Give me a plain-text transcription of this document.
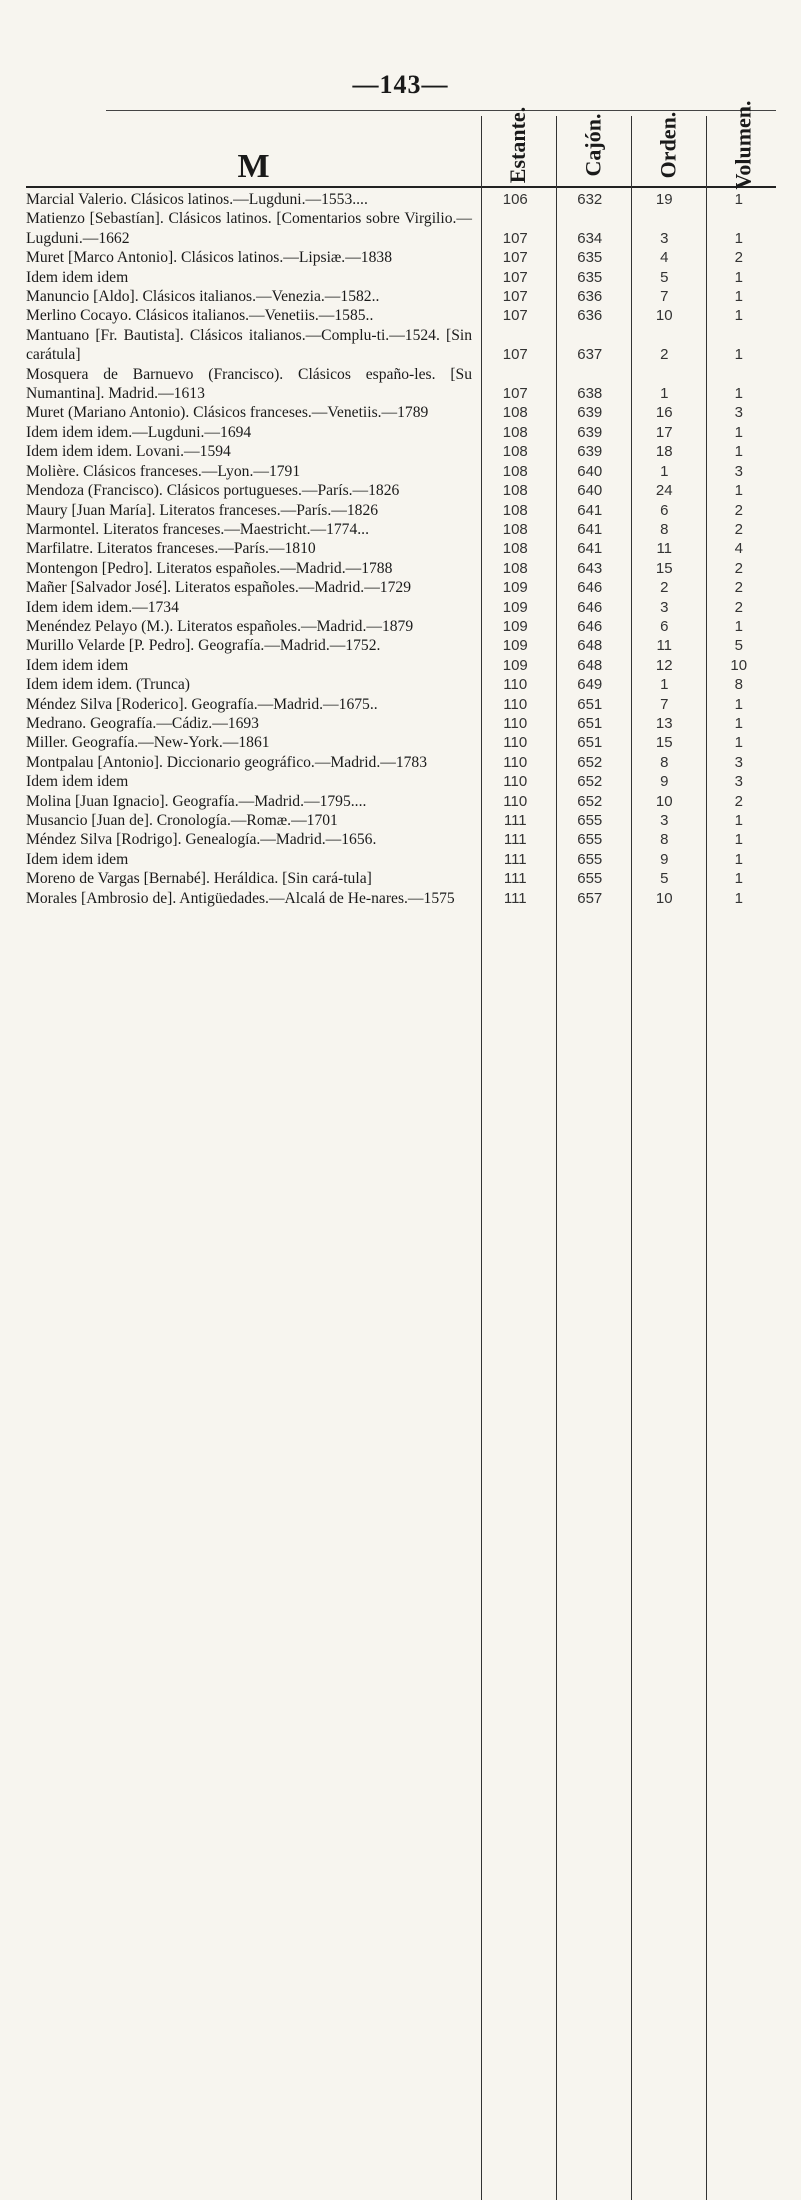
—143—
M	Estante. Cajón. Orden. Volumen.
Marcial Valerio. Clásicos latinos.—Lugduni.—1553....	106	632	19	1
Matienzo [Sebastían]. Clásicos latinos. [Comentarios sobre Virgilio.—Lugduni.—1662	107	634	3	1
Muret [Marco Antonio]. Clásicos latinos.—Lipsiæ.—1838	107	635	4	2
Idem idem idem	107	635	5	1
Manuncio [Aldo]. Clásicos italianos.—Venezia.—1582..	107	636	7	1
Merlino Cocayo. Clásicos italianos.—Venetiis.—1585..	107	636	10	1
Mantuano [Fr. Bautista]. Clásicos italianos.—Complu-ti.—1524. [Sin carátula]	107	637	2	1
Mosquera de Barnuevo (Francisco). Clásicos españo-les. [Su Numantina]. Madrid.—1613	107	638	1	1
Muret (Mariano Antonio). Clásicos franceses.—Venetiis.—1789	108	639	16	3
Idem idem idem.—Lugduni.—1694	108	639	17	1
Idem idem idem. Lovani.—1594	108	639	18	1
Molière. Clásicos franceses.—Lyon.—1791	108	640	1	3
Mendoza (Francisco). Clásicos portugueses.—París.—1826	108	640	24	1
Maury [Juan María]. Literatos franceses.—París.—1826	108	641	6	2
Marmontel. Literatos franceses.—Maestricht.—1774...	108	641	8	2
Marfilatre. Literatos franceses.—París.—1810	108	641	11	4
Montengon [Pedro]. Literatos españoles.—Madrid.—1788	108	643	15	2
Mañer [Salvador José]. Literatos españoles.—Madrid.—1729	109	646	2	2
Idem idem idem.—1734	109	646	3	2
Menéndez Pelayo (M.). Literatos españoles.—Madrid.—1879	109	646	6	1
Murillo Velarde [P. Pedro]. Geografía.—Madrid.—1752.	109	648	11	5
Idem idem idem	109	648	12	10
Idem idem idem. (Trunca)	110	649	1	8
Méndez Silva [Roderico]. Geografía.—Madrid.—1675..	110	651	7	1
Medrano. Geografía.—Cádiz.—1693	110	651	13	1
Miller. Geografía.—New-York.—1861	110	651	15	1
Montpalau [Antonio]. Diccionario geográfico.—Madrid.—1783	110	652	8	3
Idem idem idem	110	652	9	3
Molina [Juan Ignacio]. Geografía.—Madrid.—1795....	110	652	10	2
Musancio [Juan de]. Cronología.—Romæ.—1701	111	655	3	1
Méndez Silva [Rodrigo]. Genealogía.—Madrid.—1656.	111	655	8	1
Idem idem idem	111	655	9	1
Moreno de Vargas [Bernabé]. Heráldica. [Sin cará-tula]	111	655	5	1
Morales [Ambrosio de]. Antigüedades.—Alcalá de He-nares.—1575	111	657	10	1
